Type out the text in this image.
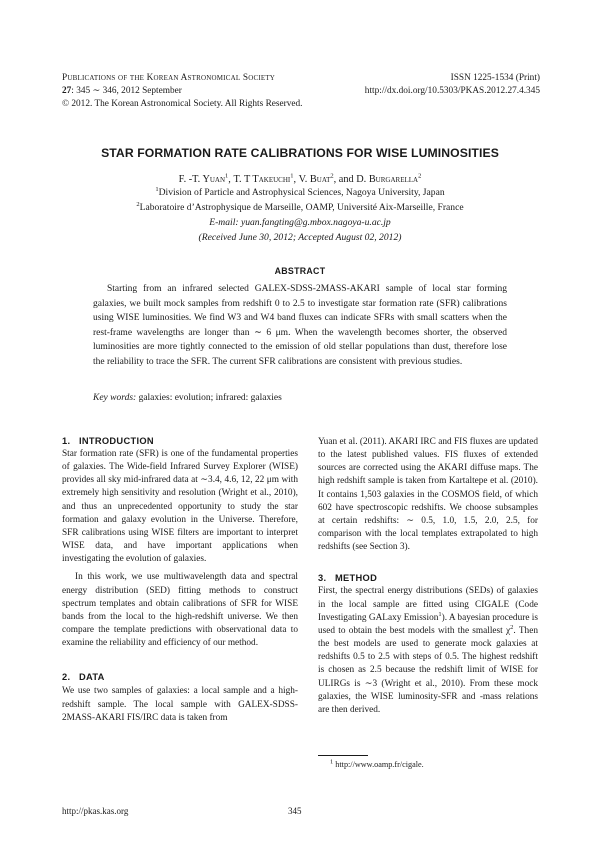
Publications of the Korean Astronomical Society
27: 345 ∼ 346, 2012 September
© 2012. The Korean Astronomical Society. All Rights Reserved.
ISSN 1225-1534 (Print)
http://dx.doi.org/10.5303/PKAS.2012.27.4.345
STAR FORMATION RATE CALIBRATIONS FOR WISE LUMINOSITIES
F. -T. Yuan$^1$, T. T Takeuchi$^1$, V. Buat$^2$, and D. Burgarella$^2$
$^1$Division of Particle and Astrophysical Sciences, Nagoya University, Japan
$^2$Laboratoire d’Astrophysique de Marseille, OAMP, Université Aix-Marseille, France
E-mail: yuan.fangting@g.mbox.nagoya-u.ac.jp
(Received June 30, 2012; Accepted August 02, 2012)
ABSTRACT

Starting from an infrared selected GALEX-SDSS-2MASS-AKARI sample of local star forming galaxies, we built mock samples from redshift 0 to 2.5 to investigate star formation rate (SFR) calibrations using WISE luminosities. We find W3 and W4 band fluxes can indicate SFRs with small scatters when the rest-frame wavelengths are longer than ∼ 6 μm. When the wavelength becomes shorter, the observed luminosities are more tightly connected to the emission of old stellar populations than dust, therefore lose the reliability to trace the SFR. The current SFR calibrations are consistent with previous studies.

Key words: galaxies: evolution; infrared: galaxies

1. INTRODUCTION

Star formation rate (SFR) is one of the fundamental properties of galaxies. The Wide-field Infrared Survey Explorer (WISE) provides all sky mid-infrared data at ∼3.4, 4.6, 12, 22 μm with extremely high sensitivity and resolution (Wright et al., 2010), and thus an unprecedented opportunity to study the star formation and galaxy evolution in the Universe. Therefore, SFR calibrations using WISE filters are important to interpret WISE data, and have important applications when investigating the evolution of galaxies.

In this work, we use multiwavelength data and spectral energy distribution (SED) fitting methods to construct spectrum templates and obtain calibrations of SFR for WISE bands from the local to the high-redshift universe. We then compare the template predictions with observational data to examine the reliability and efficiency of our method.

2. DATA

We use two samples of galaxies: a local sample and a high-redshift sample. The local sample with GALEX-SDSS-2MASS-AKARI FIS/IRC data is taken from

Yuan et al. (2011). AKARI IRC and FIS fluxes are updated to the latest published values. FIS fluxes of extended sources are corrected using the AKARI diffuse maps. The high redshift sample is taken from Kartaltepe et al. (2010). It contains 1,503 galaxies in the COSMOS field, of which 602 have spectroscopic redshifts. We choose subsamples at certain redshifts: ∼ 0.5, 1.0, 1.5, 2.0, 2.5, for comparison with the local templates extrapolated to high redshifts (see Section 3).

3. METHOD

First, the spectral energy distributions (SEDs) of galaxies in the local sample are fitted using CIGALE (Code Investigating GALaxy Emission$^1$). A bayesian procedure is used to obtain the best models with the smallest $\chi^2$. Then the best models are used to generate mock galaxies at redshifts 0.5 to 2.5 with steps of 0.5. The highest redshift is chosen as 2.5 because the redshift limit of WISE for ULIRGs is ∼3 (Wright et al., 2010). From these mock galaxies, the WISE luminosity-SFR and -mass relations are then derived.

$^1$ http://www.oamp.fr/cigale.
http://pkas.kas.org	345
